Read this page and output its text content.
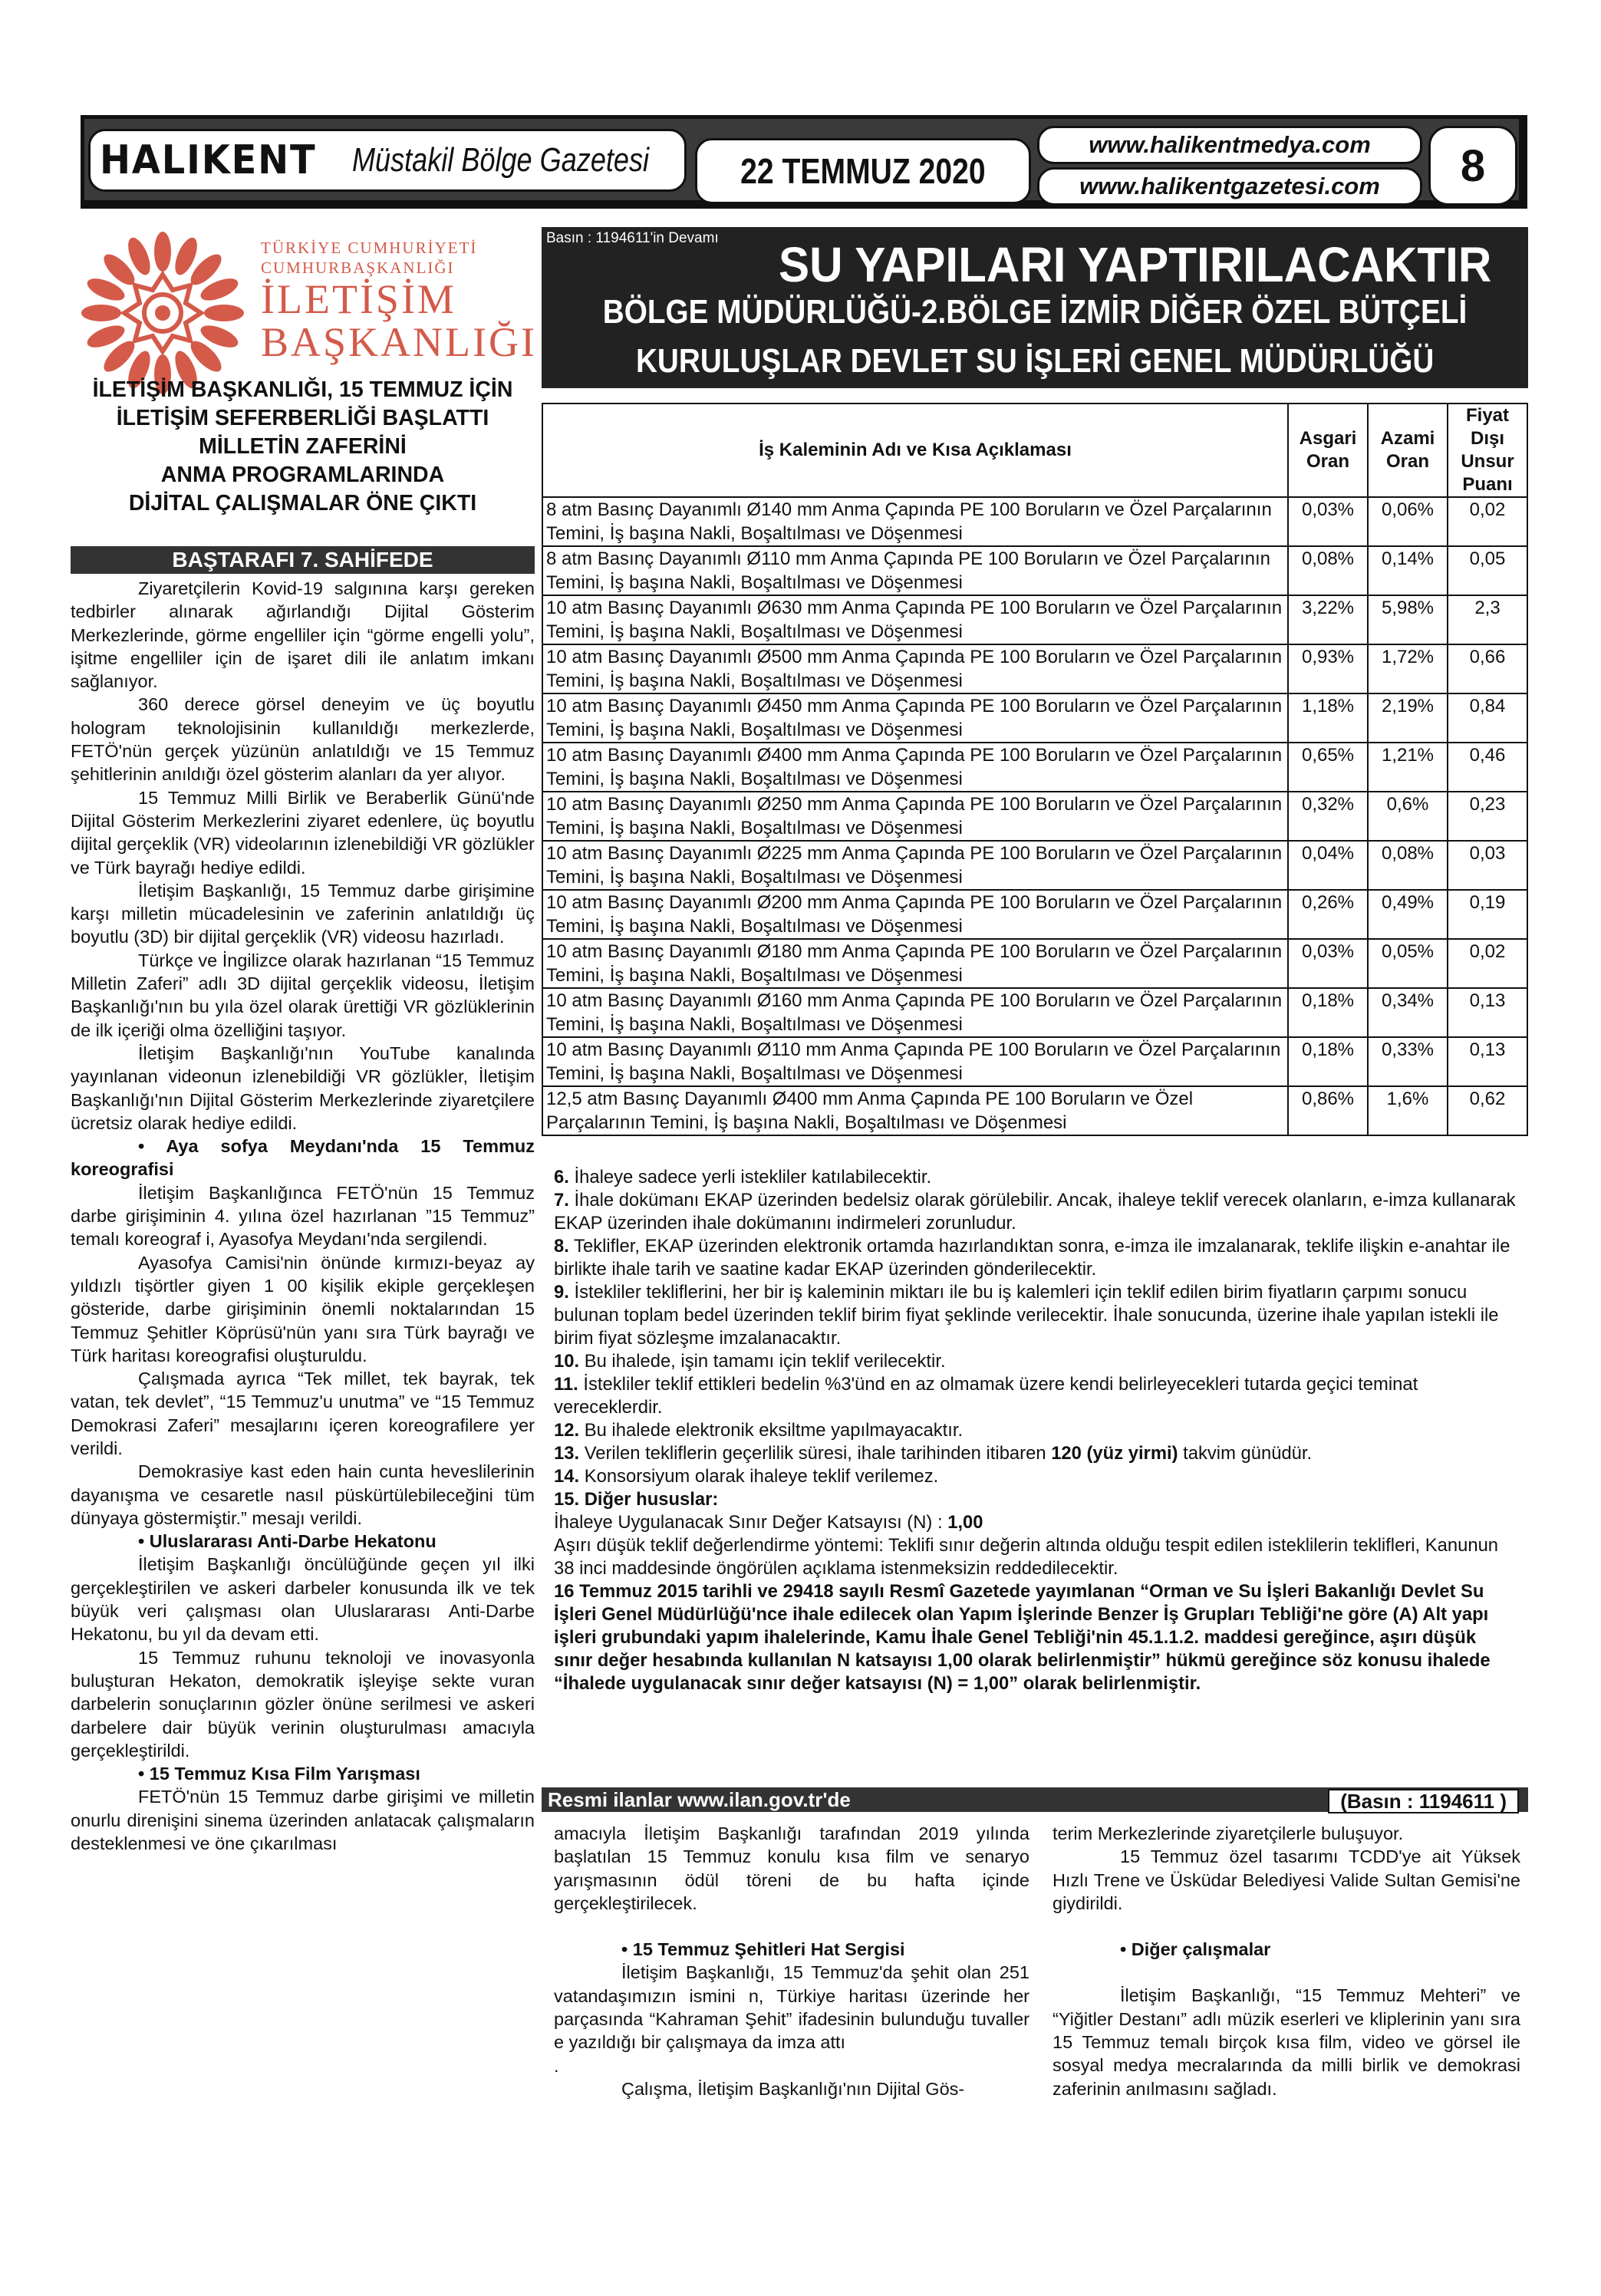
HALIKENT Müstakil Bölge Gazetesi	22 TEMMUZ 2020
www.halikentmedya.com
www.halikentgazetesi.com	8
TÜRKİYE CUMHURİYETİ
CUMHURBAŞKANLIĞI
İLETİŞİM
BAŞKANLIĞI
İLETİŞİM BAŞKANLIĞI, 15 TEMMUZ İÇİN
İLETİŞİM SEFERBERLİĞİ BAŞLATTI
MİLLETİN ZAFERİNİ
ANMA PROGRAMLARINDA
DİJİTAL ÇALIŞMALAR ÖNE ÇIKTI
BAŞTARAFI 7. SAHİFEDE

Ziyaretçilerin Kovid-19 salgınına karşı gereken tedbirler alınarak ağırlandığı Dijital Gösterim Merkezlerinde, görme engelliler için “görme engelli yolu”, işitme engelliler için de işaret dili ile anlatım imkanı sağlanıyor.

360 derece görsel deneyim ve üç boyutlu hologram teknolojisinin kullanıldığı merkezlerde, FETÖ'nün gerçek yüzünün anlatıldığı ve 15 Temmuz şehitlerinin anıldığı özel gösterim alanları da yer alıyor.

15 Temmuz Milli Birlik ve Beraberlik Günü'nde Dijital Gösterim Merkezlerini ziyaret edenlere, üç boyutlu dijital gerçeklik (VR) videolarının izlenebildiği VR gözlükler ve Türk bayrağı hediye edildi.

İletişim Başkanlığı, 15 Temmuz darbe girişimine karşı milletin mücadelesinin ve zaferinin anlatıldığı üç boyutlu (3D) bir dijital gerçeklik (VR) videosu hazırladı.

Türkçe ve İngilizce olarak hazırlanan “15 Temmuz Milletin Zaferi” adlı 3D dijital gerçeklik videosu, İletişim Başkanlığı'nın bu yıla özel olarak ürettiği VR gözlüklerinin de ilk içeriği olma özelliğini taşıyor.

İletişim Başkanlığı'nın YouTube kanalında yayınlanan videonun izlenebildiği VR gözlükler, İletişim Başkanlığı'nın Dijital Gösterim Merkezlerinde ziyaretçilere ücretsiz olarak hediye edildi.

• Aya sofya Meydanı'nda 15 Temmuz koreografisi

İletişim Başkanlığınca FETÖ'nün 15 Temmuz darbe girişiminin 4. yılına özel hazırlanan ”15 Temmuz” temalı koreograf i, Ayasofya Meydanı'nda sergilendi.

Ayasofya Camisi'nin önünde kırmızı-beyaz ay yıldızlı tişörtler giyen 1 00 kişilik ekiple gerçekleşen gösteride, darbe girişiminin önemli noktalarından 15 Temmuz Şehitler Köprüsü'nün yanı sıra Türk bayrağı ve Türk haritası koreografisi oluşturuldu.

Çalışmada ayrıca “Tek millet, tek bayrak, tek vatan, tek devlet”, “15 Temmuz'u unutma” ve “15 Temmuz Demokrasi Zaferi” mesajlarını içeren koreografilere yer verildi.

Demokrasiye kast eden hain cunta heveslilerinin dayanışma ve cesaretle nasıl püskürtülebileceğini tüm dünyaya göstermiştir.” mesajı verildi.

• Uluslararası Anti-Darbe Hekatonu

İletişim Başkanlığı öncülüğünde geçen yıl ilki gerçekleştirilen ve askeri darbeler konusunda ilk ve tek büyük veri çalışması olan Uluslararası Anti-Darbe Hekatonu, bu yıl da devam etti.

15 Temmuz ruhunu teknoloji ve inovasyonla buluşturan Hekaton, demokratik işleyişe sekte vuran darbelerin sonuçlarının gözler önüne serilmesi ve askeri darbelere dair büyük verinin oluşturulması amacıyla gerçekleştirildi.

• 15 Temmuz Kısa Film Yarışması

FETÖ'nün 15 Temmuz darbe girişimi ve milletin onurlu direnişini sinema üzerinden anlatacak çalışmaların desteklenmesi ve öne çıkarılması

Basın : 1194611'in Devamı SU YAPILARI YAPTIRILACAKTIR
BÖLGE MÜDÜRLÜĞÜ-2.BÖLGE İZMİR DİĞER ÖZEL BÜTÇELİ
KURULUŞLAR DEVLET SU İŞLERİ GENEL MÜDÜRLÜĞÜ
İş Kaleminin Adı ve Kısa Açıklaması	Asgari Oran	Azami Oran	Fiyat Dışı Unsur Puanı
8 atm Basınç Dayanımlı Ø140 mm Anma Çapında PE 100 Boruların ve Özel Parçalarının Temini, İş başına Nakli, Boşaltılması ve Döşenmesi	0,03%	0,06%	0,02
8 atm Basınç Dayanımlı Ø110 mm Anma Çapında PE 100 Boruların ve Özel Parçalarının Temini, İş başına Nakli, Boşaltılması ve Döşenmesi	0,08%	0,14%	0,05
10 atm Basınç Dayanımlı Ø630 mm Anma Çapında PE 100 Boruların ve Özel Parçalarının Temini, İş başına Nakli, Boşaltılması ve Döşenmesi	3,22%	5,98%	2,3
10 atm Basınç Dayanımlı Ø500 mm Anma Çapında PE 100 Boruların ve Özel Parçalarının Temini, İş başına Nakli, Boşaltılması ve Döşenmesi	0,93%	1,72%	0,66
10 atm Basınç Dayanımlı Ø450 mm Anma Çapında PE 100 Boruların ve Özel Parçalarının Temini, İş başına Nakli, Boşaltılması ve Döşenmesi	1,18%	2,19%	0,84
10 atm Basınç Dayanımlı Ø400 mm Anma Çapında PE 100 Boruların ve Özel Parçalarının Temini, İş başına Nakli, Boşaltılması ve Döşenmesi	0,65%	1,21%	0,46
10 atm Basınç Dayanımlı Ø250 mm Anma Çapında PE 100 Boruların ve Özel Parçalarının Temini, İş başına Nakli, Boşaltılması ve Döşenmesi	0,32%	0,6%	0,23
10 atm Basınç Dayanımlı Ø225 mm Anma Çapında PE 100 Boruların ve Özel Parçalarının Temini, İş başına Nakli, Boşaltılması ve Döşenmesi	0,04%	0,08%	0,03
10 atm Basınç Dayanımlı Ø200 mm Anma Çapında PE 100 Boruların ve Özel Parçalarının Temini, İş başına Nakli, Boşaltılması ve Döşenmesi	0,26%	0,49%	0,19
10 atm Basınç Dayanımlı Ø180 mm Anma Çapında PE 100 Boruların ve Özel Parçalarının Temini, İş başına Nakli, Boşaltılması ve Döşenmesi	0,03%	0,05%	0,02
10 atm Basınç Dayanımlı Ø160 mm Anma Çapında PE 100 Boruların ve Özel Parçalarının Temini, İş başına Nakli, Boşaltılması ve Döşenmesi	0,18%	0,34%	0,13
10 atm Basınç Dayanımlı Ø110 mm Anma Çapında PE 100 Boruların ve Özel Parçalarının Temini, İş başına Nakli, Boşaltılması ve Döşenmesi	0,18%	0,33%	0,13
12,5 atm Basınç Dayanımlı Ø400 mm Anma Çapında PE 100 Boruların ve Özel Parçalarının Temini, İş başına Nakli, Boşaltılması ve Döşenmesi	0,86%	1,6%	0,62

6. İhaleye sadece yerli istekliler katılabilecektir.

7. İhale dokümanı EKAP üzerinden bedelsiz olarak görülebilir. Ancak, ihaleye teklif verecek olanların, e-imza kullanarak EKAP üzerinden ihale dokümanını indirmeleri zorunludur.

8. Teklifler, EKAP üzerinden elektronik ortamda hazırlandıktan sonra, e-imza ile imzalanarak, teklife ilişkin e-anahtar ile birlikte ihale tarih ve saatine kadar EKAP üzerinden gönderilecektir.

9. İstekliler tekliflerini, her bir iş kaleminin miktarı ile bu iş kalemleri için teklif edilen birim fiyatların çarpımı sonucu bulunan toplam bedel üzerinden teklif birim fiyat şeklinde verilecektir. İhale sonucunda, üzerine ihale yapılan istekli ile birim fiyat sözleşme imzalanacaktır.

10. Bu ihalede, işin tamamı için teklif verilecektir.

11. İstekliler teklif ettikleri bedelin %3'ünd en az olmamak üzere kendi belirleyecekleri tutarda geçici teminat vereceklerdir.

12. Bu ihalede elektronik eksiltme yapılmayacaktır.

13. Verilen tekliflerin geçerlilik süresi, ihale tarihinden itibaren 120 (yüz yirmi) takvim günüdür.

14. Konsorsiyum olarak ihaleye teklif verilemez.

15. Diğer hususlar:

İhaleye Uygulanacak Sınır Değer Katsayısı (N) : 1,00

Aşırı düşük teklif değerlendirme yöntemi: Teklifi sınır değerin altında olduğu tespit edilen isteklilerin teklifleri, Kanunun 38 inci maddesinde öngörülen açıklama istenmeksizin reddedilecektir.

16 Temmuz 2015 tarihli ve 29418 sayılı Resmî Gazetede yayımlanan “Orman ve Su İşleri Bakanlığı Devlet Su İşleri Genel Müdürlüğü'nce ihale edilecek olan Yapım İşlerinde Benzer İş Grupları Tebliği'ne göre (A) Alt yapı işleri grubundaki yapım ihalelerinde, Kamu İhale Genel Tebliği'nin 45.1.1.2. maddesi gereğince, aşırı düşük sınır değer hesabında kullanılan N katsayısı 1,00 olarak belirlenmiştir” hükmü gereğince söz konusu ihalede “İhalede uygulanacak sınır değer katsayısı (N) = 1,00” olarak belirlenmiştir.

Resmi ilanlar www.ilan.gov.tr'de	(Basın : 1194611 )

amacıyla İletişim Başkanlığı tarafından 2019 yılında başlatılan 15 Temmuz konulu kısa film ve senaryo yarışmasının ödül töreni de bu hafta içinde gerçekleştirilecek.

• 15 Temmuz Şehitleri Hat Sergisi

İletişim Başkanlığı, 15 Temmuz'da şehit olan 251 vatandaşımızın ismini n, Türkiye haritası üzerinde her parçasında “Kahraman Şehit” ifadesinin bulunduğu tuvaller e yazıldığı bir çalışmaya da imza attı

.

Çalışma, İletişim Başkanlığı'nın Dijital Gös-

terim Merkezlerinde ziyaretçilerle buluşuyor.

15 Temmuz özel tasarımı TCDD'ye ait Yüksek Hızlı Trene ve Üsküdar Belediyesi Valide Sultan Gemisi'ne giydirildi.

• Diğer çalışmalar

İletişim Başkanlığı, “15 Temmuz Mehteri” ve “Yiğitler Destanı” adlı müzik eserleri ve kliplerinin yanı sıra 15 Temmuz temalı birçok kısa film, video ve görsel ile sosyal medya mecralarında da milli birlik ve demokrasi zaferinin anılmasını sağladı.
